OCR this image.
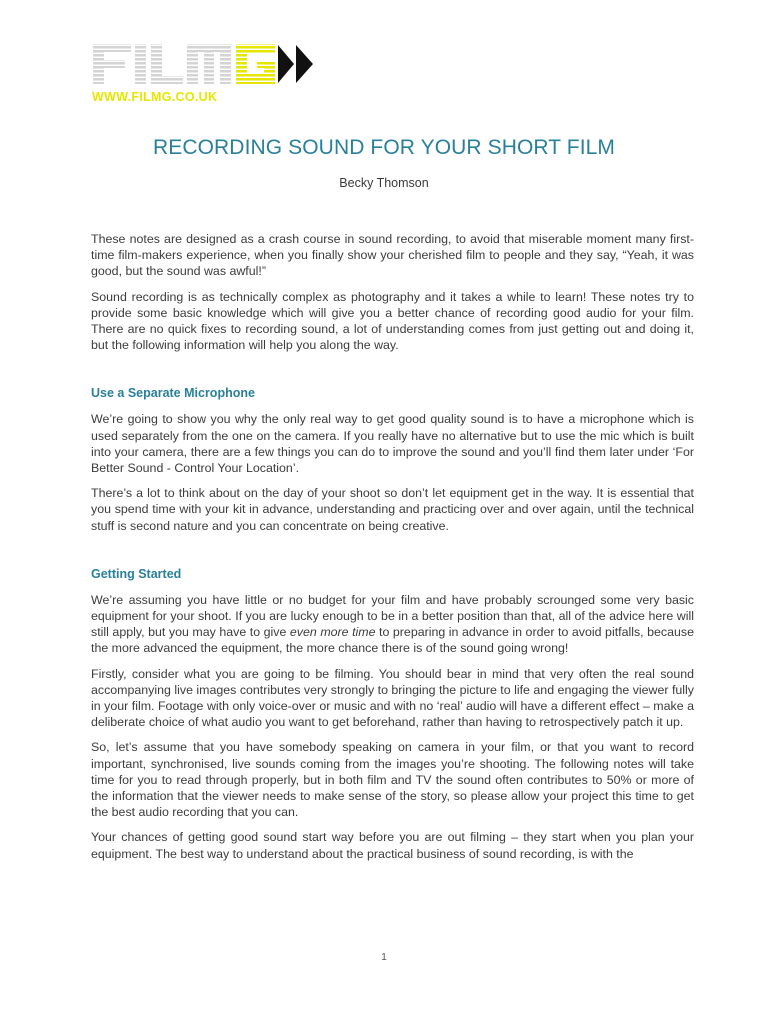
WWW.FILMG.CO.UK
RECORDING SOUND FOR YOUR SHORT FILM
Becky Thomson

These notes are designed as a crash course in sound recording, to avoid that miserable moment many first-time film-makers experience, when you finally show your cherished film to people and they say, “Yeah, it was good, but the sound was awful!”

Sound recording is as technically complex as photography and it takes a while to learn! These notes try to provide some basic knowledge which will give you a better chance of recording good audio for your film. There are no quick fixes to recording sound, a lot of understanding comes from just getting out and doing it, but the following information will help you along the way.

Use a Separate Microphone

We’re going to show you why the only real way to get good quality sound is to have a microphone which is used separately from the one on the camera. If you really have no alternative but to use the mic which is built into your camera, there are a few things you can do to improve the sound and you’ll find them later under ‘For Better Sound - Control Your Location’.

There’s a lot to think about on the day of your shoot so don’t let equipment get in the way. It is essential that you spend time with your kit in advance, understanding and practicing over and over again, until the technical stuff is second nature and you can concentrate on being creative.

Getting Started

We’re assuming you have little or no budget for your film and have probably scrounged some very basic equipment for your shoot. If you are lucky enough to be in a better position than that, all of the advice here will still apply, but you may have to give even more time to preparing in advance in order to avoid pitfalls, because the more advanced the equipment, the more chance there is of the sound going wrong!

Firstly, consider what you are going to be filming. You should bear in mind that very often the real sound accompanying live images contributes very strongly to bringing the picture to life and engaging the viewer fully in your film. Footage with only voice-over or music and with no ‘real’ audio will have a different effect – make a deliberate choice of what audio you want to get beforehand, rather than having to retrospectively patch it up.

So, let’s assume that you have somebody speaking on camera in your film, or that you want to record important, synchronised, live sounds coming from the images you’re shooting. The following notes will take time for you to read through properly, but in both film and TV the sound often contributes to 50% or more of the information that the viewer needs to make sense of the story, so please allow your project this time to get the best audio recording that you can.

Your chances of getting good sound start way before you are out filming – they start when you plan your equipment. The best way to understand about the practical business of sound recording, is with the

1
